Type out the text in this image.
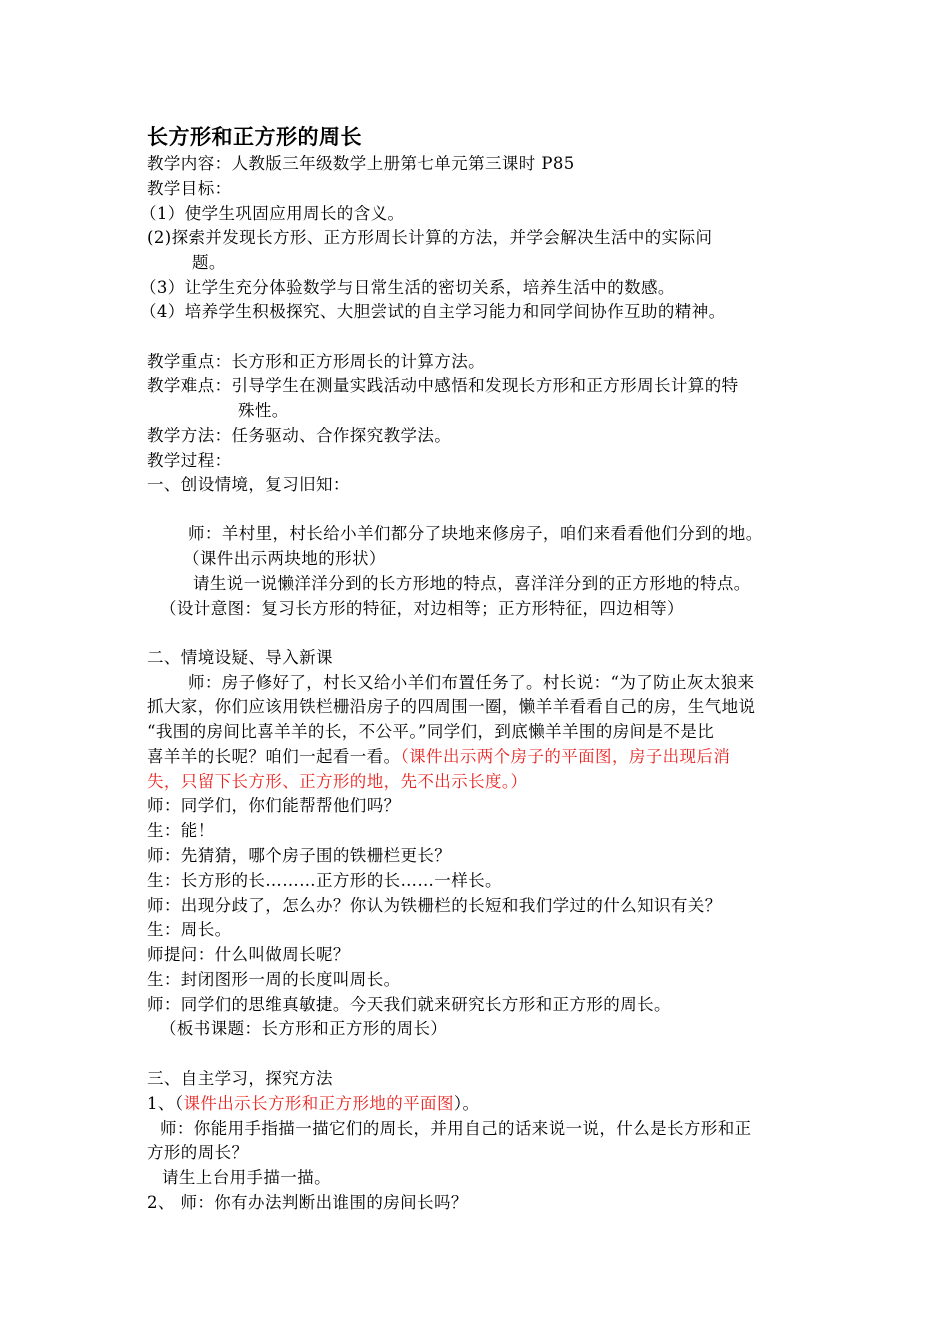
长方形和正方形的周长
教学内容：人教版三年级数学上册第七单元第三课时 P85
教学目标：
（1）使学生巩固应用周长的含义。
(2)探索并发现长方形、正方形周长计算的方法，并学会解决生活中的实际问
题。
（3）让学生充分体验数学与日常生活的密切关系，培养生活中的数感。
（4）培养学生积极探究、大胆尝试的自主学习能力和同学间协作互助的精神。
教学重点：长方形和正方形周长的计算方法。
教学难点：引导学生在测量实践活动中感悟和发现长方形和正方形周长计算的特
殊性。
教学方法：任务驱动、合作探究教学法。
教学过程：
一、创设情境，复习旧知：
师：羊村里，村长给小羊们都分了块地来修房子，咱们来看看他们分到的地。
（课件出示两块地的形状）
请生说一说懒洋洋分到的长方形地的特点，喜洋洋分到的正方形地的特点。
（设计意图：复习长方形的特征，对边相等；正方形特征，四边相等）
二、情境设疑、导入新课
师：房子修好了，村长又给小羊们布置任务了。村长说：“为了防止灰太狼来
抓大家，你们应该用铁栏栅沿房子的四周围一圈，懒羊羊看看自己的房，生气地说
“我围的房间比喜羊羊的长，不公平。”同学们，到底懒羊羊围的房间是不是比
喜羊羊的长呢？咱们一起看一看。（课件出示两个房子的平面图，房子出现后消
失，只留下长方形、正方形的地，先不出示长度。）
师：同学们，你们能帮帮他们吗？
生：能！
师：先猜猜，哪个房子围的铁栅栏更长？
生：长方形的长………正方形的长……一样长。
师：出现分歧了，怎么办？你认为铁栅栏的长短和我们学过的什么知识有关？
生：周长。
师提问：什么叫做周长呢？
生：封闭图形一周的长度叫周长。
师：同学们的思维真敏捷。今天我们就来研究长方形和正方形的周长。
（板书课题：长方形和正方形的周长）
三、自主学习，探究方法
1、（课件出示长方形和正方形地的平面图）。
师：你能用手指描一描它们的周长，并用自己的话来说一说，什么是长方形和正
方形的周长？
请生上台用手描一描。
2、 师：你有办法判断出谁围的房间长吗？
